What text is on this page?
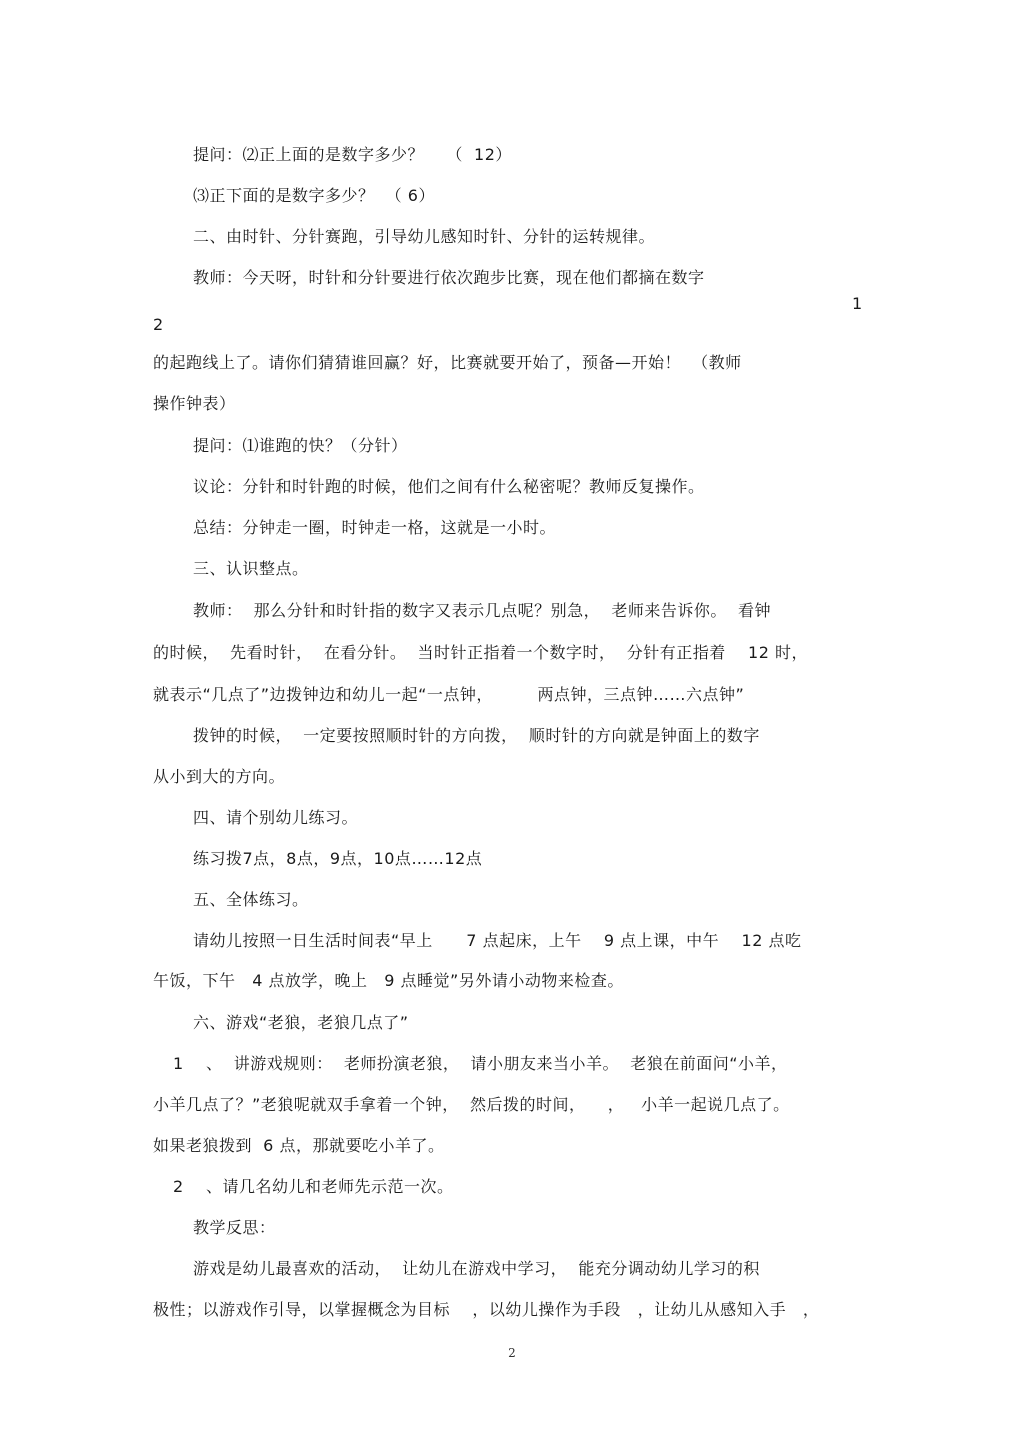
提问：⑵正上面的是数字多少？    （  12）
⑶正下面的是数字多少？  （ 6）
二、由时针、分针赛跑，引导幼儿感知时针、分针的运转规律。
教师：今天呀，时针和分针要进行依次跑步比赛，现在他们都摘在数字
1
2
的起跑线上了。请你们猜猜谁回赢？好，比赛就要开始了，预备—开始！  （教师
操作钟表）
提问：⑴谁跑的快？（分针）
议论：分针和时针跑的时候，他们之间有什么秘密呢？教师反复操作。
总结：分钟走一圈，时钟走一格，这就是一小时。
三、认识整点。
教师：  那么分针和时针指的数字又表示几点呢？别急，  老师来告诉你。  看钟
的时候，  先看时针，  在看分针。  当时针正指着一个数字时，  分针有正指着    12 时，
就表示“几点了”边拨钟边和幼儿一起“一点钟，        两点钟，三点钟……六点钟”
拨钟的时候，  一定要按照顺时针的方向拨，  顺时针的方向就是钟面上的数字
从小到大的方向。
四、请个别幼儿练习。
练习拨7点，8点，9点，10点……12点
五、全体练习。
请幼儿按照一日生活时间表“早上      7 点起床，上午    9 点上课，中午    12 点吃
午饭，下午   4 点放学，晚上   9 点睡觉”另外请小动物来检查。
六、游戏“老狼，老狼几点了”
1    、  讲游戏规则：  老师扮演老狼，  请小朋友来当小羊。  老狼在前面问“小羊，
小羊几点了？”老狼呢就双手拿着一个钟，  然后拨的时间，    ，   小羊一起说几点了。
如果老狼拨到  6 点，那就要吃小羊了。
2    、请几名幼儿和老师先示范一次。
教学反思：
游戏是幼儿最喜欢的活动，  让幼儿在游戏中学习，  能充分调动幼儿学习的积
极性；以游戏作引导，以掌握概念为目标    ，以幼儿操作为手段   ，让幼儿从感知入手   ，
2
